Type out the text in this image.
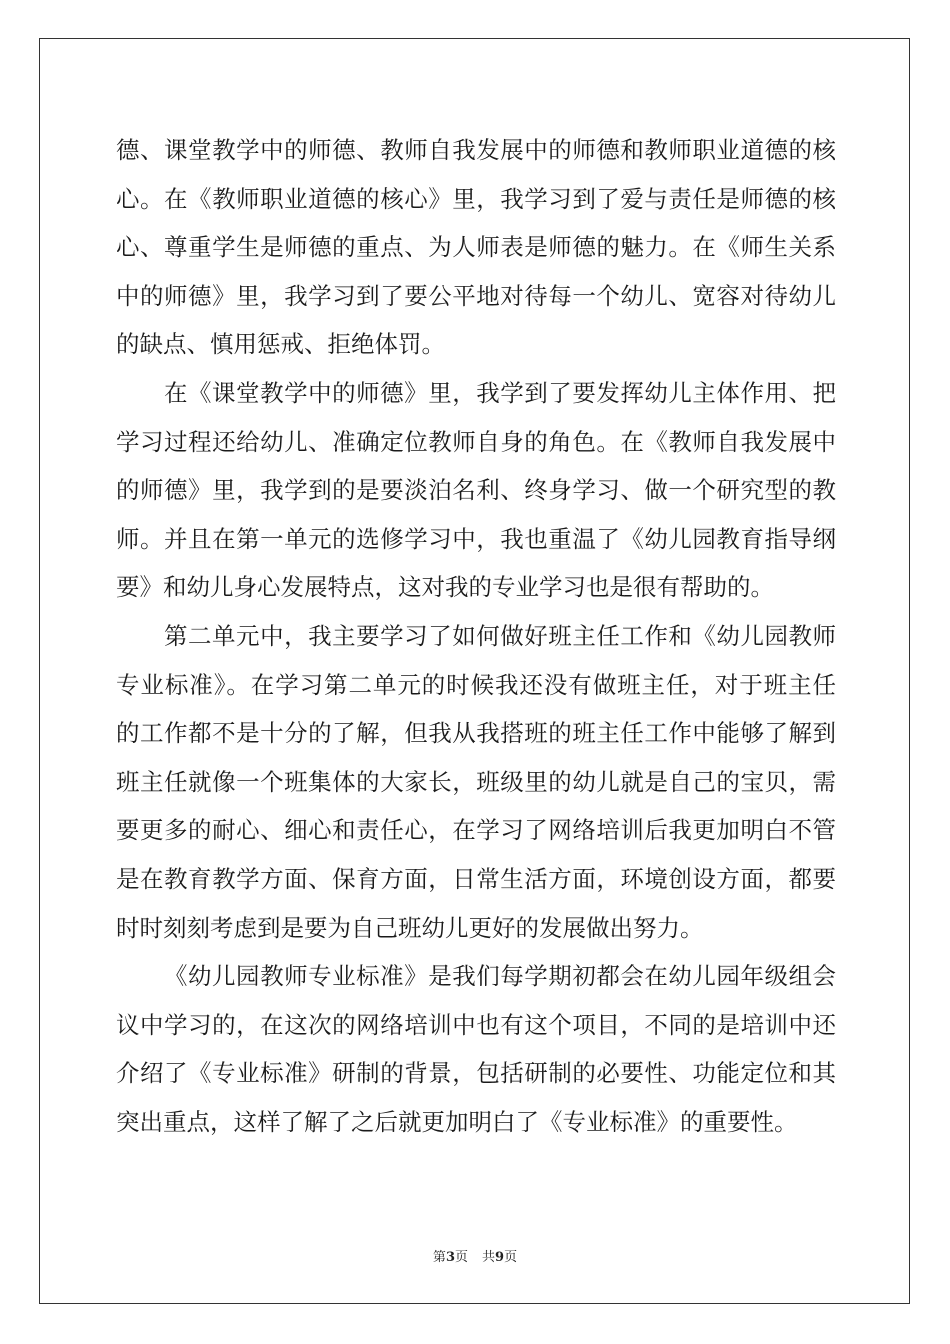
德、课堂教学中的师德、教师自我发展中的师德和教师职业道德的核
心。在《教师职业道德的核心》里，我学习到了爱与责任是师德的核
心、尊重学生是师德的重点、为人师表是师德的魅力。在《师生关系
中的师德》里，我学习到了要公平地对待每一个幼儿、宽容对待幼儿
的缺点、慎用惩戒、拒绝体罚。
在《课堂教学中的师德》里，我学到了要发挥幼儿主体作用、把
学习过程还给幼儿、准确定位教师自身的角色。在《教师自我发展中
的师德》里，我学到的是要淡泊名利、终身学习、做一个研究型的教
师。并且在第一单元的选修学习中，我也重温了《幼儿园教育指导纲
要》和幼儿身心发展特点，这对我的专业学习也是很有帮助的。
第二单元中，我主要学习了如何做好班主任工作和《幼儿园教师
专业标准》。在学习第二单元的时候我还没有做班主任，对于班主任
的工作都不是十分的了解，但我从我搭班的班主任工作中能够了解到
班主任就像一个班集体的大家长，班级里的幼儿就是自己的宝贝，需
要更多的耐心、细心和责任心，在学习了网络培训后我更加明白不管
是在教育教学方面、保育方面，日常生活方面，环境创设方面，都要
时时刻刻考虑到是要为自己班幼儿更好的发展做出努力。
《幼儿园教师专业标准》是我们每学期初都会在幼儿园年级组会
议中学习的，在这次的网络培训中也有这个项目，不同的是培训中还
介绍了《专业标准》研制的背景，包括研制的必要性、功能定位和其
突出重点，这样了解了之后就更加明白了《专业标准》的重要性。
第3页 共9页
